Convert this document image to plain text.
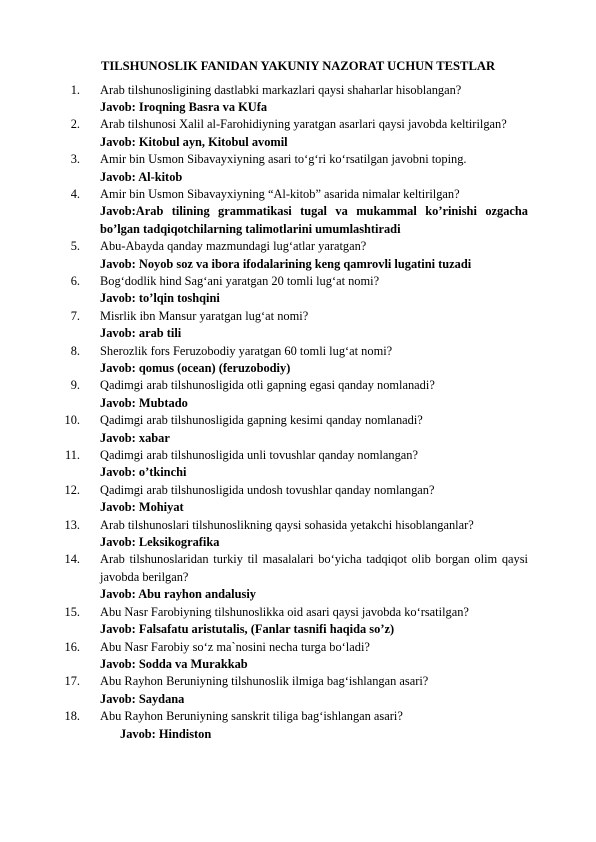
TILSHUNOSLIK FANIDAN YAKUNIY NAZORAT UCHUN TESTLAR
1. Arab tilshunosligining dastlabki markazlari qaysi shaharlar hisoblangan?
Javob: Iroqning Basra va KUfa
2. Arab tilshunosi Xalil al-Farohidiyning yaratgan asarlari qaysi javobda keltirilgan?
Javob: Kitobul ayn, Kitobul avomil
3. Amir bin Usmon Sibavayxiyning asari to‘g‘ri ko‘rsatilgan javobni toping.
Javob: Al-kitob
4. Amir bin Usmon Sibavayxiyning “Al-kitob” asarida nimalar keltirilgan?
Javob:Arab tilining grammatikasi tugal va mukammal ko’rinishi ozgacha bo’lgan tadqiqotchilarning talimotlarini umumlashtiradi
5. Abu-Abayda qanday mazmundagi lug‘atlar yaratgan?
Javob: Noyob soz va ibora ifodalarining keng qamrovli lugatini tuzadi
6. Bog‘dodlik hind Sag‘ani yaratgan 20 tomli lug‘at nomi?
Javob: to’lqin toshqini
7. Misrlik ibn Mansur yaratgan lug‘at nomi?
Javob: arab tili
8. Sherozlik fors Feruzobodiy yaratgan 60 tomli lug‘at nomi?
Javob: qomus (ocean) (feruzobodiy)
9. Qadimgi arab tilshunosligida otli gapning egasi qanday nomlanadi?
Javob: Mubtado
10. Qadimgi arab tilshunosligida gapning kesimi qanday nomlanadi?
Javob: xabar
11. Qadimgi arab tilshunosligida unli tovushlar qanday nomlangan?
Javob: o’tkinchi
12. Qadimgi arab tilshunosligida undosh tovushlar qanday nomlangan?
Javob: Mohiyat
13. Arab tilshunoslari tilshunoslikning qaysi sohasida yetakchi hisoblanganlar?
Javob: Leksikografika
14. Arab tilshunoslaridan turkiy til masalalari bo‘yicha tadqiqot olib borgan olim qaysi javobda berilgan?
Javob: Abu rayhon andalusiy
15. Abu Nasr Farobiyning tilshunoslikka oid asari qaysi javobda ko‘rsatilgan?
Javob: Falsafatu aristutalis, (Fanlar tasnifi haqida so’z)
16. Abu Nasr Farobiy so‘z ma`nosini necha turga bo‘ladi?
Javob: Sodda va Murakkab
17. Abu Rayhon Beruniyning tilshunoslik ilmiga bag‘ishlangan asari?
Javob: Saydana
18. Abu Rayhon Beruniyning sanskrit tiliga bag‘ishlangan asari?
Javob: Hindiston
